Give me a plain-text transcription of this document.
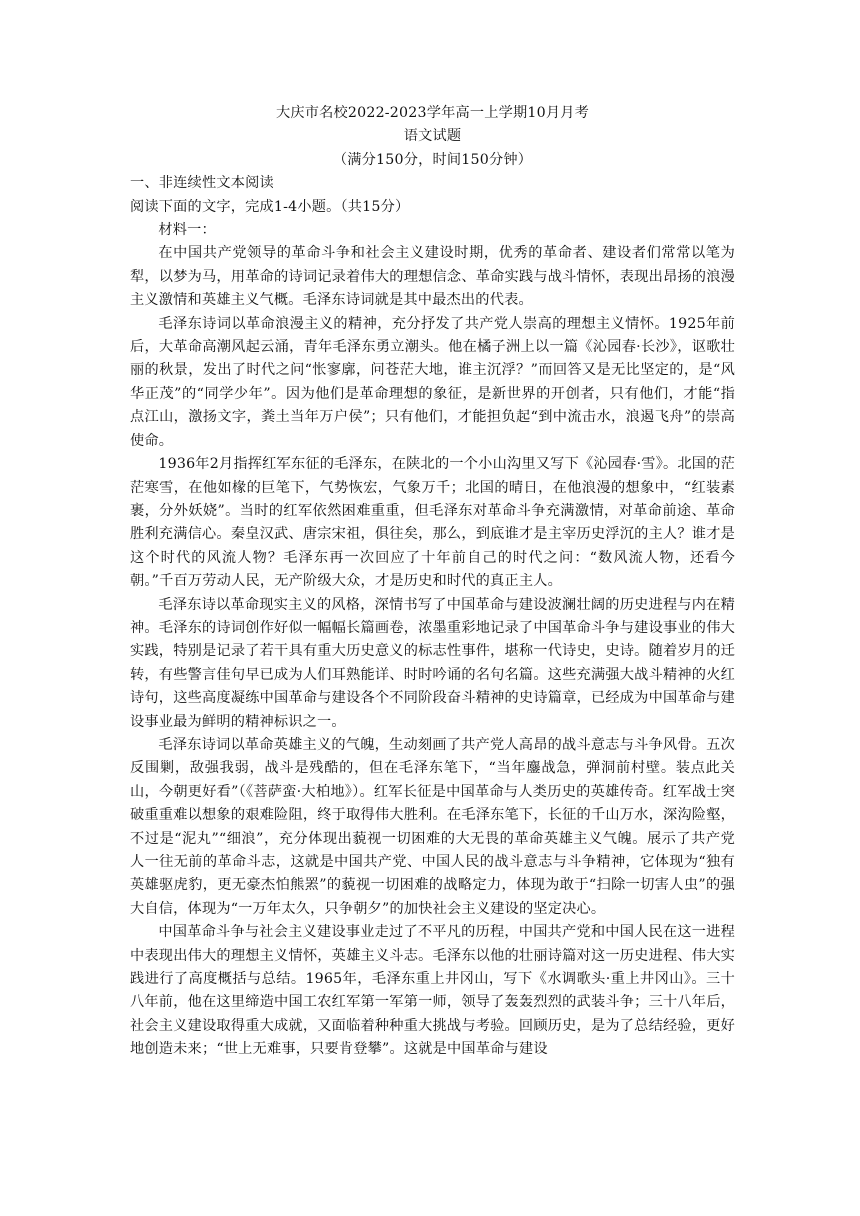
大庆市名校2022-2023学年高一上学期10月月考
语文试题
（满分150分，时间150分钟）
一、非连续性文本阅读
阅读下面的文字，完成1-4小题。（共15分）
材料一：

在中国共产党领导的革命斗争和社会主义建设时期，优秀的革命者、建设者们常常以笔为犁，以梦为马，用革命的诗词记录着伟大的理想信念、革命实践与战斗情怀，表现出昂扬的浪漫主义激情和英雄主义气概。毛泽东诗词就是其中最杰出的代表。

毛泽东诗词以革命浪漫主义的精神，充分抒发了共产党人崇高的理想主义情怀。1925年前后，大革命高潮风起云涌，青年毛泽东勇立潮头。他在橘子洲上以一篇《沁园春·长沙》，讴歌壮丽的秋景，发出了时代之问“怅寥廓，问苍茫大地，谁主沉浮？”而回答又是无比坚定的，是“风华正茂”的“同学少年”。因为他们是革命理想的象征，是新世界的开创者，只有他们，才能“指点江山，激扬文字，粪土当年万户侯”；只有他们，才能担负起“到中流击水，浪遏飞舟”的崇高使命。

1936年2月指挥红军东征的毛泽东，在陕北的一个小山沟里又写下《沁园春·雪》。北国的茫茫寒雪，在他如椽的巨笔下，气势恢宏，气象万千；北国的晴日，在他浪漫的想象中，“红装素裹，分外妖娆”。当时的红军依然困难重重，但毛泽东对革命斗争充满激情，对革命前途、革命胜利充满信心。秦皇汉武、唐宗宋祖，俱往矣，那么，到底谁才是主宰历史浮沉的主人？谁才是这个时代的风流人物？毛泽东再一次回应了十年前自己的时代之问：“数风流人物，还看今朝。”千百万劳动人民，无产阶级大众，才是历史和时代的真正主人。

毛泽东诗以革命现实主义的风格，深情书写了中国革命与建设波澜壮阔的历史进程与内在精神。毛泽东的诗词创作好似一幅幅长篇画卷，浓墨重彩地记录了中国革命斗争与建设事业的伟大实践，特别是记录了若干具有重大历史意义的标志性事件，堪称一代诗史，史诗。随着岁月的迁转，有些警言佳句早已成为人们耳熟能详、时时吟诵的名句名篇。这些充满强大战斗精神的火红诗句，这些高度凝练中国革命与建设各个不同阶段奋斗精神的史诗篇章，已经成为中国革命与建设事业最为鲜明的精神标识之一。

毛泽东诗词以革命英雄主义的气魄，生动刻画了共产党人高昂的战斗意志与斗争风骨。五次反围剿，敌强我弱，战斗是残酷的，但在毛泽东笔下，“当年鏖战急，弹洞前村壁。装点此关山，今朝更好看”（《菩萨蛮·大柏地》）。红军长征是中国革命与人类历史的英雄传奇。红军战士突破重重难以想象的艰难险阻，终于取得伟大胜利。在毛泽东笔下，长征的千山万水，深沟险壑，不过是“泥丸”“细浪”，充分体现出藐视一切困难的大无畏的革命英雄主义气魄。展示了共产党人一往无前的革命斗志，这就是中国共产党、中国人民的战斗意志与斗争精神，它体现为“独有英雄驱虎豹，更无豪杰怕熊罴”的藐视一切困难的战略定力，体现为敢于“扫除一切害人虫”的强大自信，体现为“一万年太久，只争朝夕”的加快社会主义建设的坚定决心。

中国革命斗争与社会主义建设事业走过了不平凡的历程，中国共产党和中国人民在这一进程中表现出伟大的理想主义情怀，英雄主义斗志。毛泽东以他的壮丽诗篇对这一历史进程、伟大实践进行了高度概括与总结。1965年，毛泽东重上井冈山，写下《水调歌头·重上井冈山》。三十八年前，他在这里缔造中国工农红军第一军第一师，领导了轰轰烈烈的武装斗争；三十八年后，社会主义建设取得重大成就，又面临着种种重大挑战与考验。回顾历史，是为了总结经验，更好地创造未来；“世上无难事，只要肯登攀”。这就是中国革命与建设
